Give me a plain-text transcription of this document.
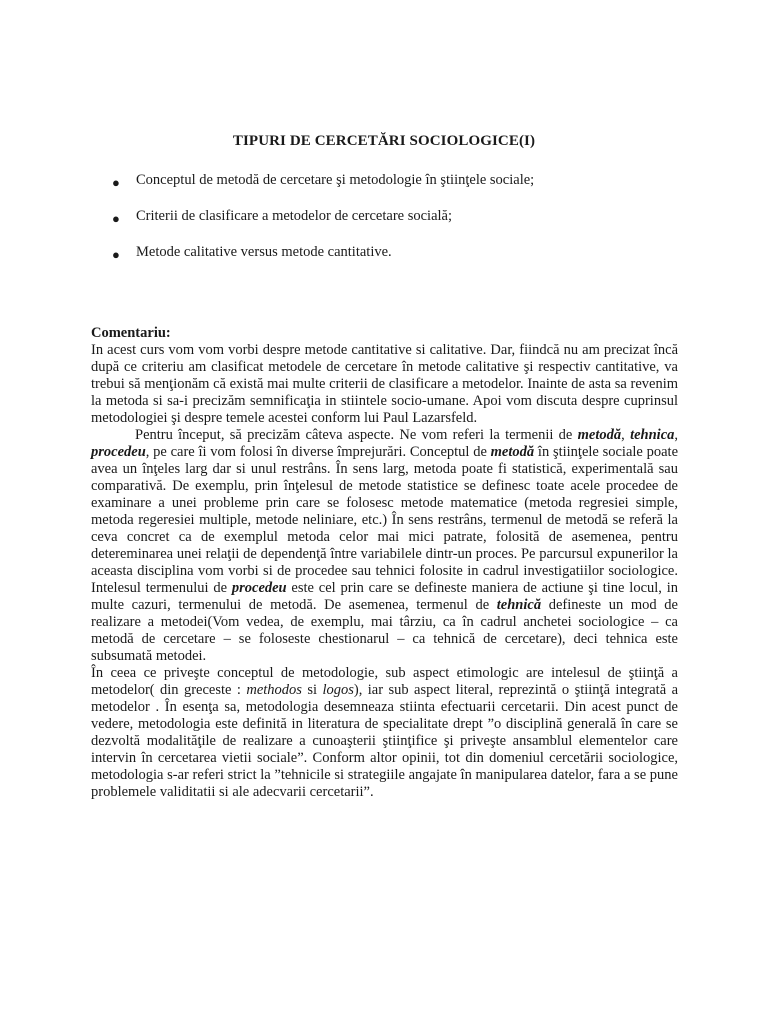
TIPURI DE CERCETĂRI SOCIOLOGICE(I)
● Conceptul de metodă de cercetare şi metodologie în ştiinţele sociale;
● Criterii de clasificare a metodelor de cercetare socială;
● Metode calitative versus metode cantitative.

Comentariu:

In acest curs vom vom vorbi despre metode cantitative si calitative. Dar, fiindcă nu am precizat încă după ce criteriu am clasificat metodele de cercetare în metode calitative şi respectiv cantitative, va trebui să menţionăm că există mai multe criterii de clasificare a metodelor. Inainte de asta sa revenim la metoda si sa-i precizăm semnificaţia in stiintele socio-umane. Apoi vom discuta despre cuprinsul metodologiei şi despre temele acestei conform lui Paul Lazarsfeld.

Pentru început, să precizăm câteva aspecte. Ne vom referi la termenii de metodă, tehnica, procedeu, pe care îi vom folosi în diverse împrejurări. Conceptul de metodă în ştiinţele sociale poate avea un înţeles larg dar si unul restrâns. În sens larg, metoda poate fi statistică, experimentală sau comparativă. De exemplu, prin înţelesul de metode statistice se definesc toate acele procedee de examinare a unei probleme prin care se folosesc metode matematice (metoda regresiei simple, metoda regeresiei multiple, metode neliniare, etc.) În sens restrâns, termenul de metodă se referă la ceva concret ca de exemplul metoda celor mai mici patrate, folosită de asemenea, pentru detereminarea unei relaţii de dependenţă între variabilele dintr-un proces. Pe parcursul expunerilor la aceasta disciplina vom vorbi si de procedee sau tehnici folosite in cadrul investigatiilor sociologice. Intelesul termenului de procedeu este cel prin care se defineste maniera de actiune şi tine locul, in multe cazuri, termenului de metodă. De asemenea, termenul de tehnică defineste un mod de realizare a metodei(Vom vedea, de exemplu, mai târziu, ca în cadrul anchetei sociologice – ca metodă de cercetare – se foloseste chestionarul – ca tehnică de cercetare), deci tehnica este subsumată metodei.

În ceea ce priveşte conceptul de metodologie, sub aspect etimologic are intelesul de ştiinţă a metodelor( din greceste : methodos si logos), iar sub aspect literal, reprezintă o ştiinţă integrată a metodelor . În esenţa sa, metodologia desemneaza stiinta efectuarii cercetarii. Din acest punct de vedere, metodologia este definită in literatura de specialitate drept ”o disciplină generală în care se dezvoltă modalităţile de realizare a cunoaşterii ştiinţifice şi priveşte ansamblul elementelor care intervin în cercetarea vietii sociale”. Conform altor opinii, tot din domeniul cercetării sociologice, metodologia s-ar referi strict la ”tehnicile si strategiile angajate în manipularea datelor, fara a se pune problemele validitatii si ale adecvarii cercetarii”.
